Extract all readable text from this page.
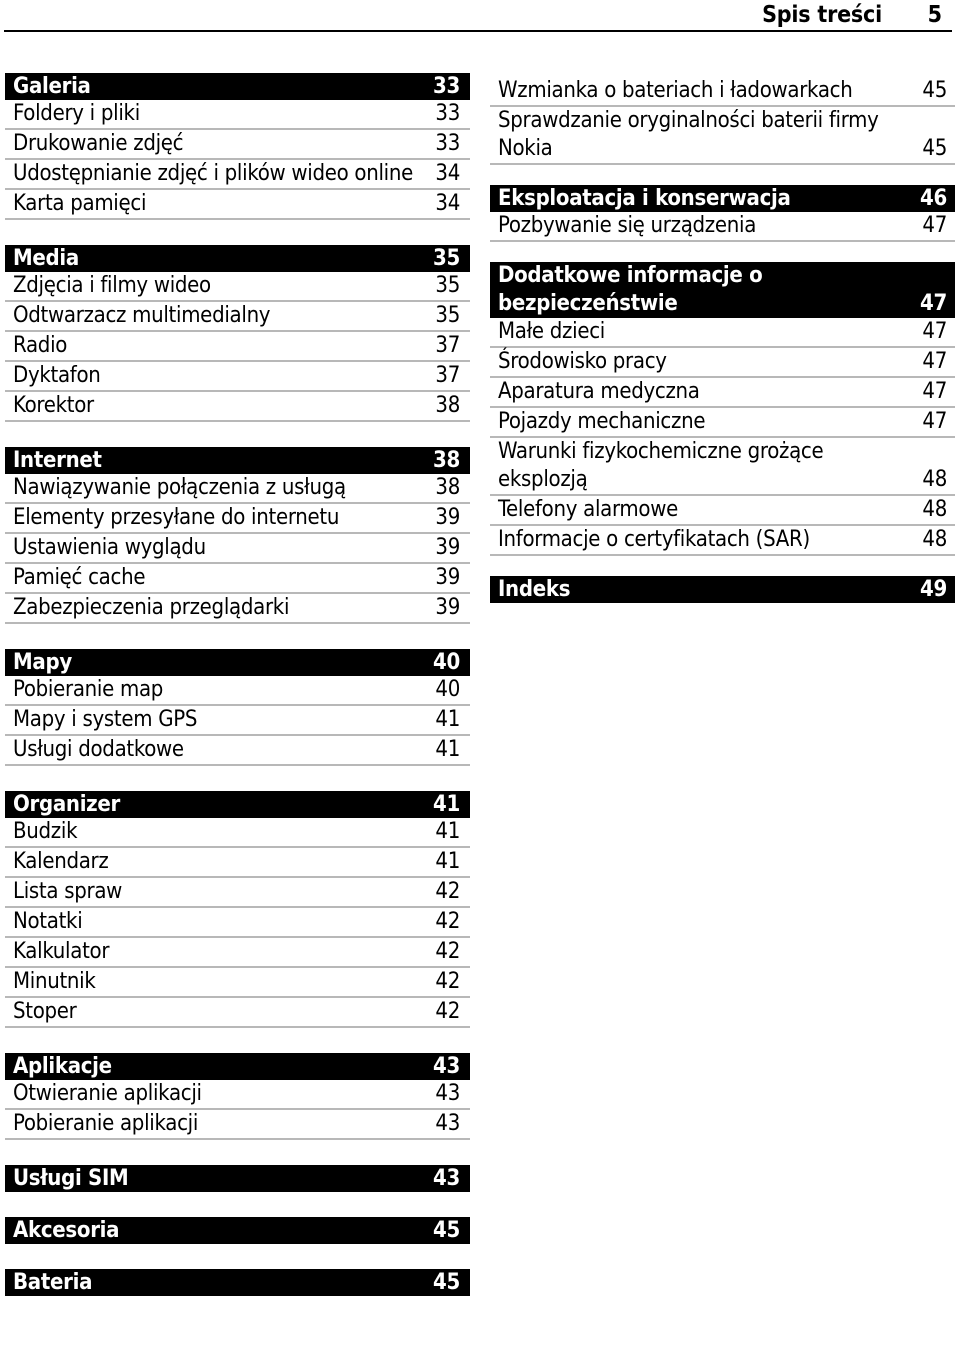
Spis treści 5
Galeria	33
Foldery i pliki	33
Drukowanie zdjęć	33
Udostępnianie zdjęć i plików wideo online	34
Karta pamięci	34
Media	35
Zdjęcia i filmy wideo	35
Odtwarzacz multimedialny	35
Radio	37
Dyktafon	37
Korektor	38
Internet	38
Nawiązywanie połączenia z usługą	38
Elementy przesyłane do internetu	39
Ustawienia wyglądu	39
Pamięć cache	39
Zabezpieczenia przeglądarki	39
Mapy	40
Pobieranie map	40
Mapy i system GPS	41
Usługi dodatkowe	41
Organizer	41
Budzik	41
Kalendarz	41
Lista spraw	42
Notatki	42
Kalkulator	42
Minutnik	42
Stoper	42
Aplikacje	43
Otwieranie aplikacji	43
Pobieranie aplikacji	43
Usługi SIM	43
Akcesoria	45
Bateria	45
Wzmianka o bateriach i ładowarkach	45
Sprawdzanie oryginalności baterii firmy Nokia	45
Eksploatacja i konserwacja	46
Pozbywanie się urządzenia	47
Dodatkowe informacje o bezpieczeństwie	47
Małe dzieci	47
Środowisko pracy	47
Aparatura medyczna	47
Pojazdy mechaniczne	47
Warunki fizykochemiczne grożące eksplozją	48
Telefony alarmowe	48
Informacje o certyfikatach (SAR)	48
Indeks	49
